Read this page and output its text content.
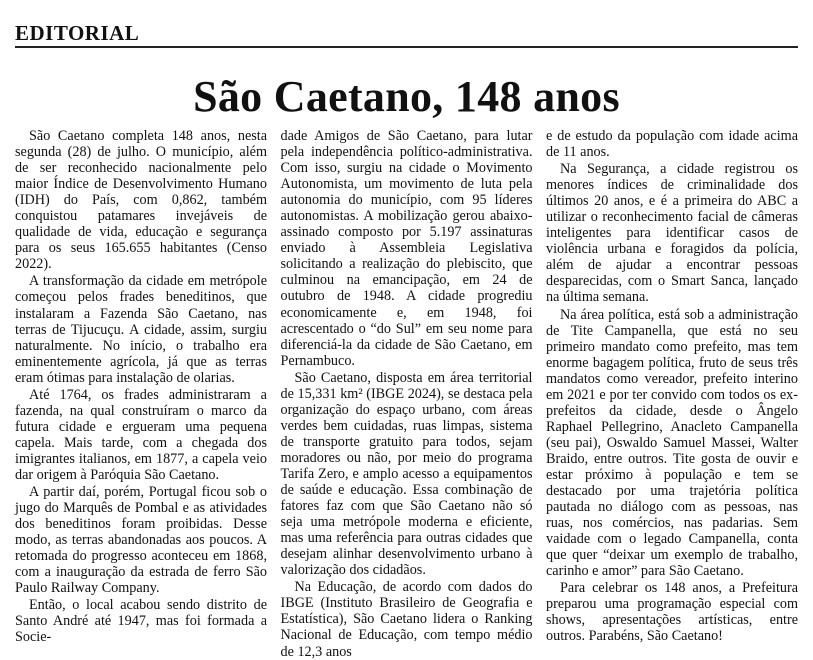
EDITORIAL
São Caetano, 148 anos

São Caetano completa 148 anos, nesta segunda (28) de julho. O município, além de ser reconhecido nacionalmente pelo maior Índice de Desenvolvimento Humano (IDH) do País, com 0,862, também conquistou patamares invejáveis de qualidade de vida, educação e segurança para os seus 165.655 habitantes (Censo 2022).

A transformação da cidade em metrópole começou pelos frades beneditinos, que instalaram a Fazenda São Caetano, nas terras de Tijucuçu. A cidade, assim, surgiu naturalmente. No início, o trabalho era eminentemente agrícola, já que as terras eram ótimas para instalação de olarias.

Até 1764, os frades administraram a fazenda, na qual construíram o marco da futura cidade e ergueram uma pequena capela. Mais tarde, com a chegada dos imigrantes italianos, em 1877, a capela veio dar origem à Paróquia São Caetano.

A partir daí, porém, Portugal ficou sob o jugo do Marquês de Pombal e as atividades dos beneditinos foram proibidas. Desse modo, as terras abandonadas aos poucos. A retomada do progresso aconteceu em 1868, com a inauguração da estrada de ferro São Paulo Railway Company.

Então, o local acabou sendo distrito de Santo André até 1947, mas foi formada a Socie-

dade Amigos de São Caetano, para lutar pela independência político-administrativa. Com isso, surgiu na cidade o Movimento Autonomista, um movimento de luta pela autonomia do município, com 95 líderes autonomistas. A mobilização gerou abaixo-assinado composto por 5.197 assinaturas enviado à Assembleia Legislativa solicitando a realização do plebiscito, que culminou na emancipação, em 24 de outubro de 1948. A cidade progrediu economicamente e, em 1948, foi acrescentado o “do Sul” em seu nome para diferenciá-la da cidade de São Caetano, em Pernambuco.

São Caetano, disposta em área territorial de 15,331 km² (IBGE 2024), se destaca pela organização do espaço urbano, com áreas verdes bem cuidadas, ruas limpas, sistema de transporte gratuito para todos, sejam moradores ou não, por meio do programa Tarifa Zero, e amplo acesso a equipamentos de saúde e educação. Essa combinação de fatores faz com que São Caetano não só seja uma metrópole moderna e eficiente, mas uma referência para outras cidades que desejam alinhar desenvolvimento urbano à valorização dos cidadãos.

Na Educação, de acordo com dados do IBGE (Instituto Brasileiro de Geografia e Estatística), São Caetano lidera o Ranking Nacional de Educação, com tempo médio de 12,3 anos

e de estudo da população com idade acima de 11 anos.

Na Segurança, a cidade registrou os menores índices de criminalidade dos últimos 20 anos, e é a primeira do ABC a utilizar o reconhecimento facial de câmeras inteligentes para identificar casos de violência urbana e foragidos da polícia, além de ajudar a encontrar pessoas desparecidas, com o Smart Sanca, lançado na última semana.

Na área política, está sob a administração de Tite Campanella, que está no seu primeiro mandato como prefeito, mas tem enorme bagagem política, fruto de seus três mandatos como vereador, prefeito interino em 2021 e por ter convido com todos os ex-prefeitos da cidade, desde o Ângelo Raphael Pellegrino, Anacleto Campanella (seu pai), Oswaldo Samuel Massei, Walter Braido, entre outros. Tite gosta de ouvir e estar próximo à população e tem se destacado por uma trajetória política pautada no diálogo com as pessoas, nas ruas, nos comércios, nas padarias. Sem vaidade com o legado Campanella, conta que quer “deixar um exemplo de trabalho, carinho e amor” para São Caetano.

Para celebrar os 148 anos, a Prefeitura preparou uma programação especial com shows, apresentações artísticas, entre outros. Parabéns, São Caetano!
